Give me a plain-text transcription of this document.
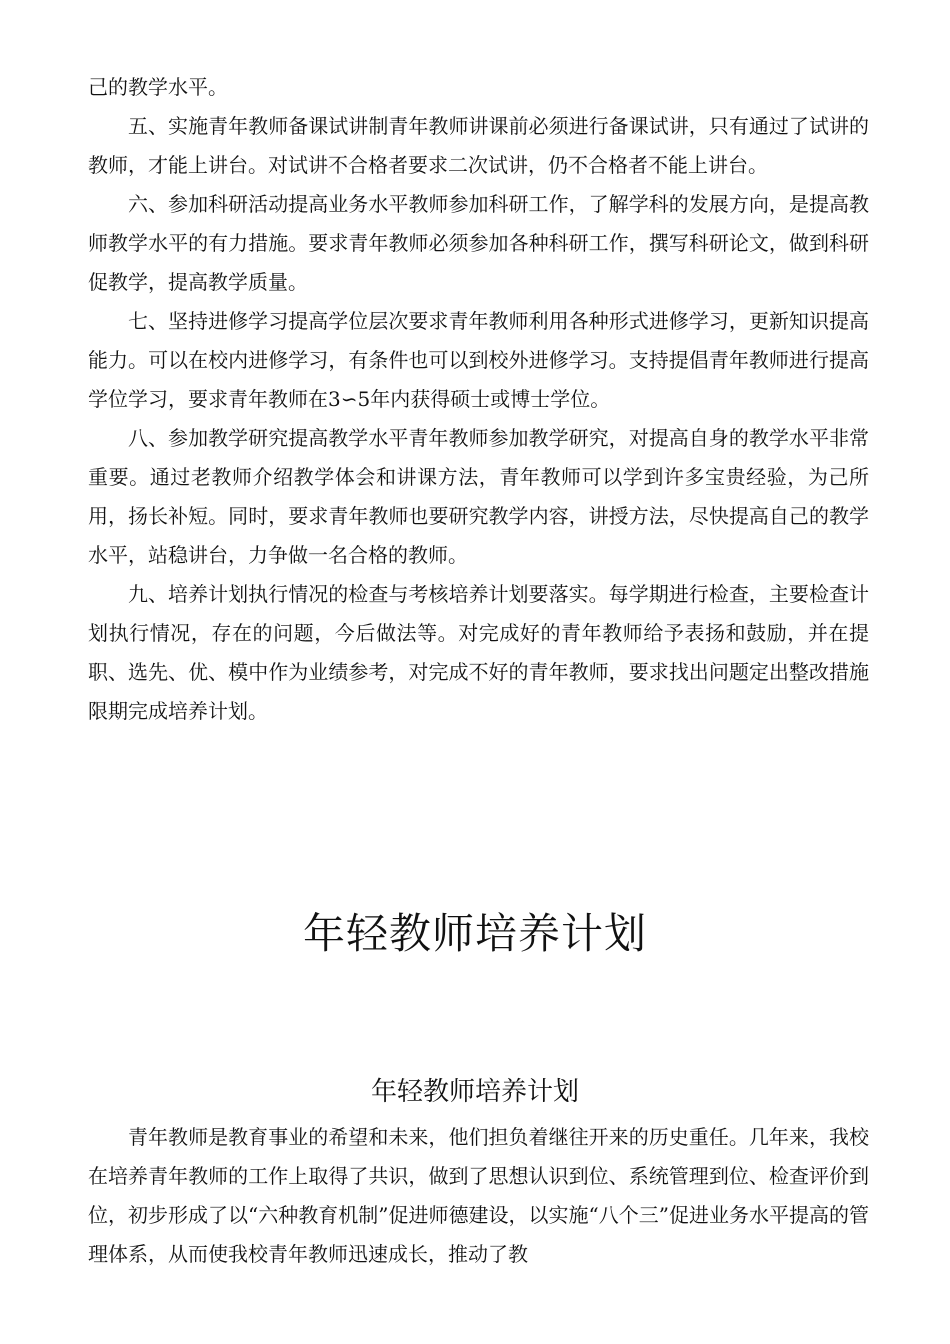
己的教学水平。

五、实施青年教师备课试讲制青年教师讲课前必须进行备课试讲，只有通过了试讲的教师，才能上讲台。对试讲不合格者要求二次试讲，仍不合格者不能上讲台。

六、参加科研活动提高业务水平教师参加科研工作，了解学科的发展方向，是提高教师教学水平的有力措施。要求青年教师必须参加各种科研工作，撰写科研论文，做到科研促教学，提高教学质量。

七、坚持进修学习提高学位层次要求青年教师利用各种形式进修学习，更新知识提高能力。可以在校内进修学习，有条件也可以到校外进修学习。支持提倡青年教师进行提高学位学习，要求青年教师在3∽5年内获得硕士或博士学位。

八、参加教学研究提高教学水平青年教师参加教学研究，对提高自身的教学水平非常重要。通过老教师介绍教学体会和讲课方法，青年教师可以学到许多宝贵经验，为己所用，扬长补短。同时，要求青年教师也要研究教学内容，讲授方法，尽快提高自己的教学水平，站稳讲台，力争做一名合格的教师。

九、培养计划执行情况的检查与考核培养计划要落实。每学期进行检查，主要检查计划执行情况，存在的问题，今后做法等。对完成好的青年教师给予表扬和鼓励，并在提职、选先、优、模中作为业绩参考，对完成不好的青年教师，要求找出问题定出整改措施限期完成培养计划。

年轻教师培养计划
年轻教师培养计划

青年教师是教育事业的希望和未来，他们担负着继往开来的历史重任。几年来，我校在培养青年教师的工作上取得了共识，做到了思想认识到位、系统管理到位、检查评价到位，初步形成了以“六种教育机制”促进师德建设，以实施“八个三”促进业务水平提高的管理体系，从而使我校青年教师迅速成长，推动了教
